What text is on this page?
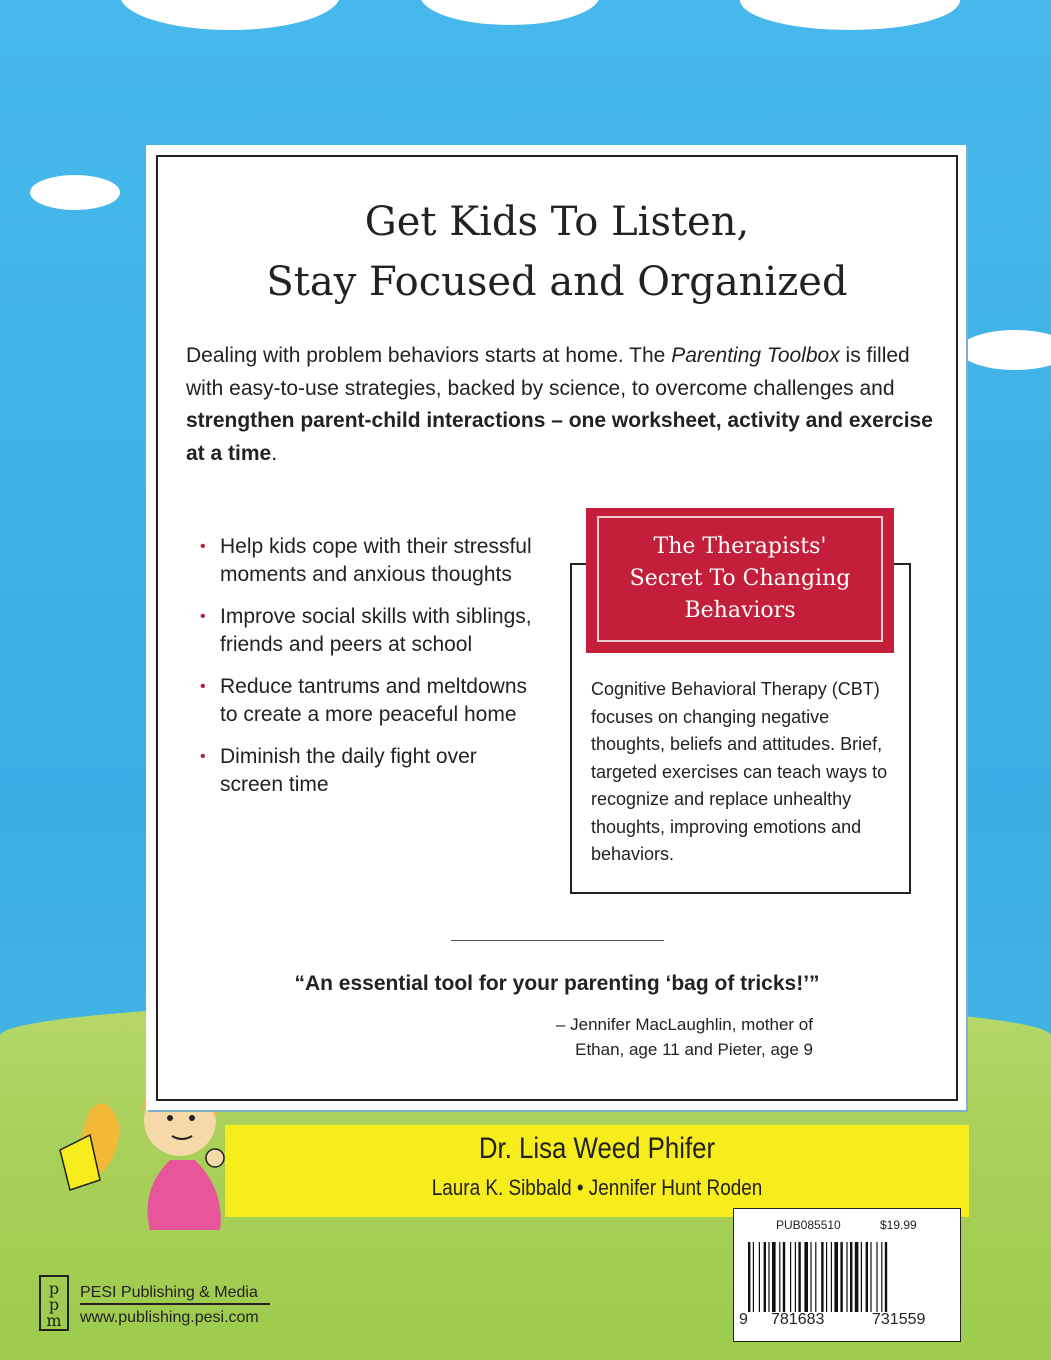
Get Kids To Listen,
Stay Focused and Organized
Dealing with problem behaviors starts at home. The Parenting Toolbox is filled with easy-to-use strategies, backed by science, to overcome challenges and strengthen parent-child interactions – one worksheet, activity and exercise at a time.
• Help kids cope with their stressful moments and anxious thoughts
• Improve social skills with siblings, friends and peers at school
• Reduce tantrums and meltdowns to create a more peaceful home
• Diminish the daily fight over screen time
The Therapists'
Secret To Changing
Behaviors
Cognitive Behavioral Therapy (CBT) focuses on changing negative thoughts, beliefs and attitudes. Brief, targeted exercises can teach ways to recognize and replace unhealthy thoughts, improving emotions and behaviors.
“An essential tool for your parenting ‘bag of tricks!’”
– Jennifer MacLaughlin, mother of
Ethan, age 11 and Pieter, age 9
Dr. Lisa Weed Phifer
Laura K. Sibbald • Jennifer Hunt Roden
PUB085510	$19.99
9 781683	731559
p
p
m
PESI Publishing & Media
www.publishing.pesi.com
